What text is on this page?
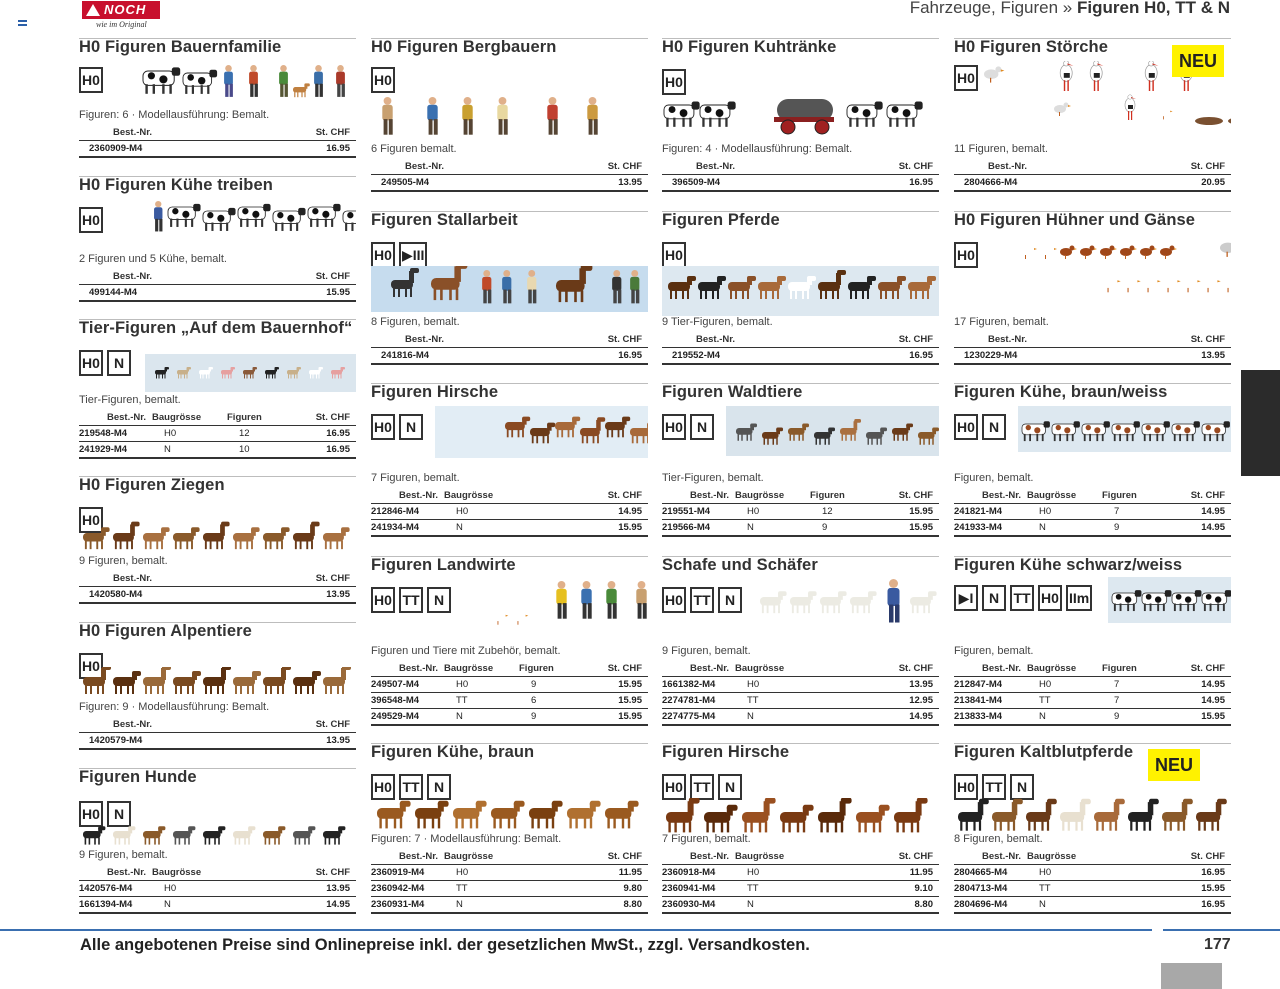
NOCH
wie im Original
Fahrzeuge, Figuren » Figuren H0, TT & N
H0 Figuren Bauernfamilie
H0
Figuren: 6 · Modellausführung: Bemalt.
Best.-Nr.		St. CHF
2360909-M4		16.95
H0 Figuren Kühe treiben
H0
2 Figuren und 5 Kühe, bemalt.
Best.-Nr.		St. CHF
499144-M4		15.95
Tier-Figuren „Auf dem Bauernhof“
H0 N
Tier-Figuren, bemalt.
Best.-Nr.	Baugrösse	Figuren	St. CHF
219548-M4	H0	12	16.95
241929-M4	N	10	16.95
H0 Figuren Ziegen
H0
9 Figuren, bemalt.
Best.-Nr.		St. CHF
1420580-M4		13.95
H0 Figuren Alpentiere
H0
Figuren: 9 · Modellausführung: Bemalt.
Best.-Nr.		St. CHF
1420579-M4		13.95
Figuren Hunde
H0 N
9 Figuren, bemalt.
Best.-Nr.	Baugrösse	St. CHF
1420576-M4	H0	13.95
1661394-M4	N	14.95
H0 Figuren Bergbauern
H0
6 Figuren bemalt.
Best.-Nr.		St. CHF
249505-M4		13.95
Figuren Stallarbeit
H0 ▶III
8 Figuren, bemalt.
Best.-Nr.		St. CHF
241816-M4		16.95
Figuren Hirsche
H0 N
7 Figuren, bemalt.
Best.-Nr.	Baugrösse	St. CHF
212846-M4	H0	14.95
241934-M4	N	15.95
Figuren Landwirte
H0 TT	N
Figuren und Tiere mit Zubehör, bemalt.
Best.-Nr.	Baugrösse	Figuren	St. CHF
249507-M4	H0	9	15.95
396548-M4	TT	6	15.95
249529-M4	N	9	15.95
Figuren Kühe, braun
H0 TT	N
Figuren: 7 · Modellausführung: Bemalt.
Best.-Nr.	Baugrösse	St. CHF
2360919-M4	H0	11.95
2360942-M4	TT	9.80
2360931-M4	N	8.80
H0 Figuren Kuhtränke
H0
Figuren: 4 · Modellausführung: Bemalt.
Best.-Nr.		St. CHF
396509-M4		16.95
Figuren Pferde
H0
9 Tier-Figuren, bemalt.
Best.-Nr.		St. CHF
219552-M4		16.95
Figuren Waldtiere
H0 N
Tier-Figuren, bemalt.
Best.-Nr.	Baugrösse	Figuren	St. CHF
219551-M4	H0	12	15.95
219566-M4	N	9	15.95
Schafe und Schäfer
H0 TT	N
9 Figuren, bemalt.
Best.-Nr.	Baugrösse	St. CHF
1661382-M4	H0	13.95
2274781-M4	TT	12.95
2274775-M4	N	14.95
Figuren Hirsche
H0 TT	N
7 Figuren, bemalt.
Best.-Nr.	Baugrösse	St. CHF
2360918-M4	H0	11.95
2360941-M4	TT	9.10
2360930-M4	N	8.80
H0 Figuren Störche
H0
11 Figuren, bemalt.
Best.-Nr.		St. CHF
2804666-M4		20.95
H0 Figuren Hühner und Gänse
H0
17 Figuren, bemalt.
Best.-Nr.		St. CHF
1230229-M4		13.95
Figuren Kühe, braun/weiss
H0 N
Figuren, bemalt.
Best.-Nr.	Baugrösse	Figuren	St. CHF
241821-M4	H0	7	14.95
241933-M4	N	9	14.95
Figuren Kühe schwarz/weiss
▶I	N	TT H0 IIm
Figuren, bemalt.
Best.-Nr.	Baugrösse	Figuren	St. CHF
212847-M4	H0	7	14.95
213841-M4	TT	7	14.95
213833-M4	N	9	15.95
Figuren Kaltblutpferde
H0 TT	N
8 Figuren, bemalt.
Best.-Nr.	Baugrösse	St. CHF
2804665-M4	H0	16.95
2804713-M4	TT	15.95
2804696-M4	N	16.95
Alle angebotenen Preise sind Onlinepreise inkl. der gesetzlichen MwSt., zzgl. Versandkosten.	177
NEU
NEU
